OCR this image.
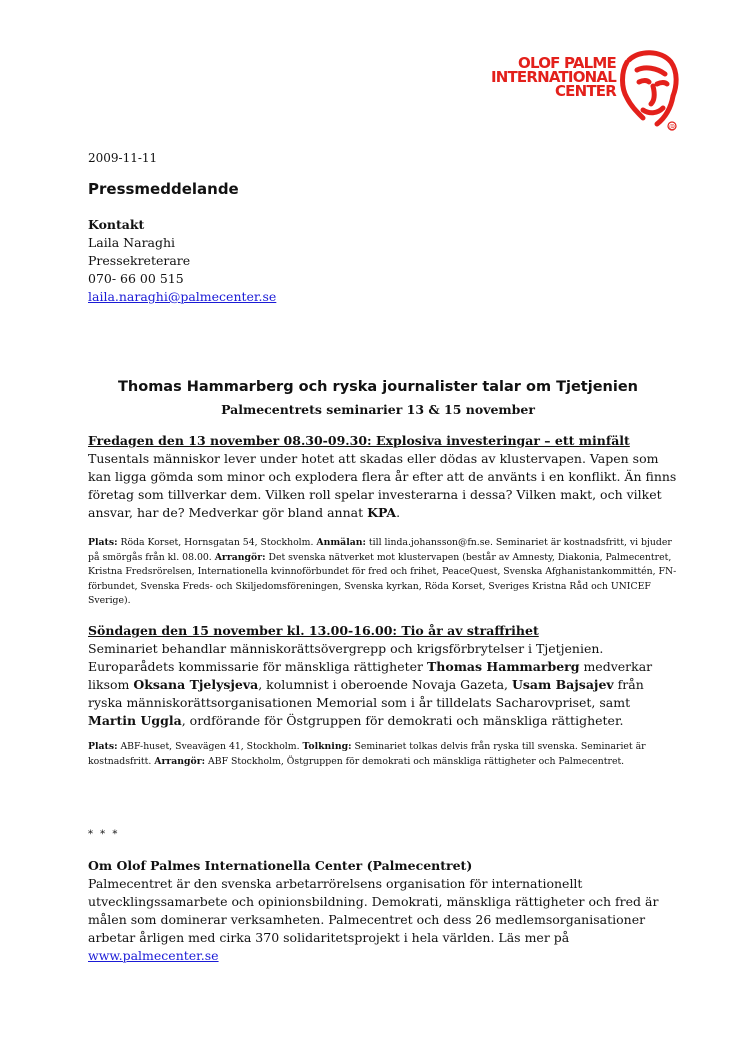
OLOF PALME
INTERNATIONAL
CENTER
@
2009-11-11
Pressmeddelande
Kontakt
Laila Naraghi
Pressekreterare
070- 66 00 515
laila.naraghi@palmecenter.se
Thomas Hammarberg och ryska journalister talar om Tjetjenien
Palmecentrets seminarier 13 & 15 november
Fredagen den 13 november 08.30-09.30: Explosiva investeringar – ett minfält
Tusentals människor lever under hotet att skadas eller dödas av klustervapen. Vapen som kan ligga gömda som minor och explodera flera år efter att de använts i en konflikt. Än finns företag som tillverkar dem. Vilken roll spelar investerarna i dessa? Vilken makt, och vilket ansvar, har de? Medverkar gör bland annat KPA.
Plats: Röda Korset, Hornsgatan 54, Stockholm. Anmälan: till linda.johansson@fn.se. Seminariet är kostnadsfritt, vi bjuder på smörgås från kl. 08.00. Arrangör: Det svenska nätverket mot klustervapen (består av Amnesty, Diakonia, Palmecentret, Kristna Fredsrörelsen, Internationella kvinnoförbundet för fred och frihet, PeaceQuest, Svenska Afghanistankommittén, FN-förbundet, Svenska Freds- och Skiljedomsföreningen, Svenska kyrkan, Röda Korset, Sveriges Kristna Råd och UNICEF Sverige).
Söndagen den 15 november kl. 13.00-16.00: Tio år av straffrihet
Seminariet behandlar människorättsövergrepp och krigsförbrytelser i Tjetjenien. Europarådets kommissarie för mänskliga rättigheter Thomas Hammarberg medverkar liksom Oksana Tjelysjeva, kolumnist i oberoende Novaja Gazeta, Usam Bajsajev från ryska människorättsorganisationen Memorial som i år tilldelats Sacharovpriset, samt Martin Uggla, ordförande för Östgruppen för demokrati och mänskliga rättigheter.
Plats: ABF-huset, Sveavägen 41, Stockholm. Tolkning: Seminariet tolkas delvis från ryska till svenska. Seminariet är kostnadsfritt. Arrangör: ABF Stockholm, Östgruppen för demokrati och mänskliga rättigheter och Palmecentret.
* * *
Om Olof Palmes Internationella Center (Palmecentret)
Palmecentret är den svenska arbetarrörelsens organisation för internationellt utvecklingssamarbete och opinionsbildning. Demokrati, mänskliga rättigheter och fred är målen som dominerar verksamheten. Palmecentret och dess 26 medlemsorganisationer arbetar årligen med cirka 370 solidaritetsprojekt i hela världen. Läs mer på www.palmecenter.se
